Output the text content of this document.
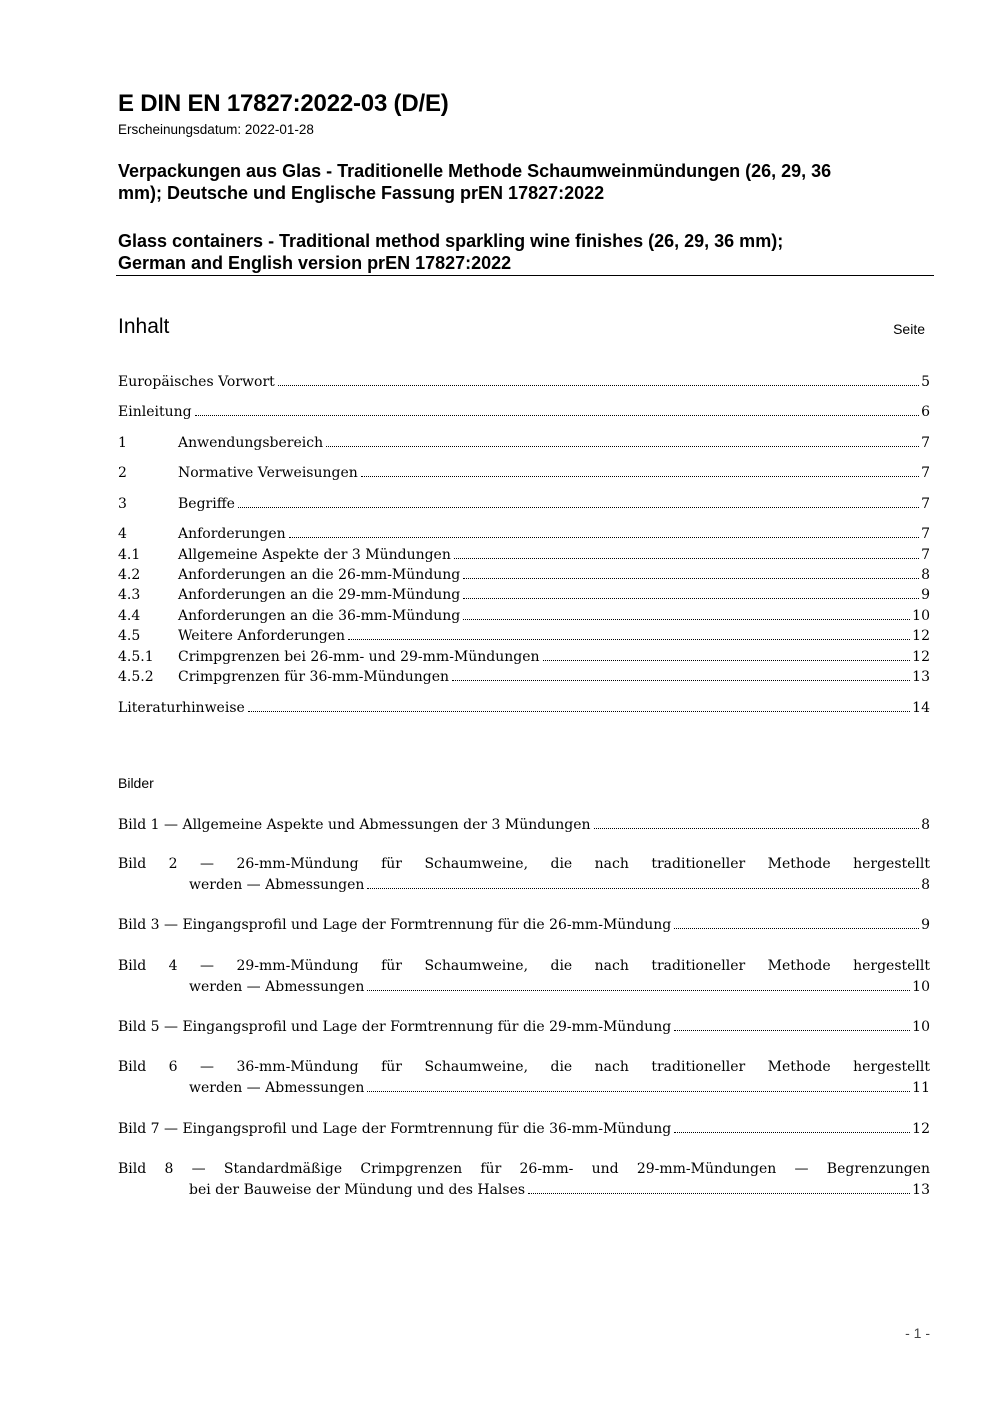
E DIN EN 17827:2022-03 (D/E)
Erscheinungsdatum: 2022-01-28
Verpackungen aus Glas - Traditionelle Methode Schaumweinmündungen (26, 29, 36
mm); Deutsche und Englische Fassung prEN 17827:2022
Glass containers - Traditional method sparkling wine finishes (26, 29, 36 mm);
German and English version prEN 17827:2022
Inhalt	Seite
Europäisches Vorwort	5
Einleitung	6
1	Anwendungsbereich	7
2	Normative Verweisungen	7
3	Begriffe	7
4	Anforderungen	7
4.1	Allgemeine Aspekte der 3 Mündungen	7
4.2	Anforderungen an die 26-mm-Mündung	8
4.3	Anforderungen an die 29-mm-Mündung	9
4.4	Anforderungen an die 36-mm-Mündung	10
4.5	Weitere Anforderungen	12
4.5.1	Crimpgrenzen bei 26-mm- und 29-mm-Mündungen	12
4.5.2	Crimpgrenzen für 36-mm-Mündungen	13
Literaturhinweise	14
Bilder
Bild 1 — Allgemeine Aspekte und Abmessungen der 3 Mündungen	8
Bild 2 — 26-mm-Mündung für Schaumweine, die nach traditioneller Methode hergestellt
werden — Abmessungen	8
Bild 3 — Eingangsprofil und Lage der Formtrennung für die 26-mm-Mündung	9
Bild 4 — 29-mm-Mündung für Schaumweine, die nach traditioneller Methode hergestellt
werden — Abmessungen	10
Bild 5 — Eingangsprofil und Lage der Formtrennung für die 29-mm-Mündung	10
Bild 6 — 36-mm-Mündung für Schaumweine, die nach traditioneller Methode hergestellt
werden — Abmessungen	11
Bild 7 — Eingangsprofil und Lage der Formtrennung für die 36-mm-Mündung	12
Bild 8 — Standardmäßige Crimpgrenzen für 26-mm- und 29-mm-Mündungen — Begrenzungen
bei der Bauweise der Mündung und des Halses	13
- 1 -
